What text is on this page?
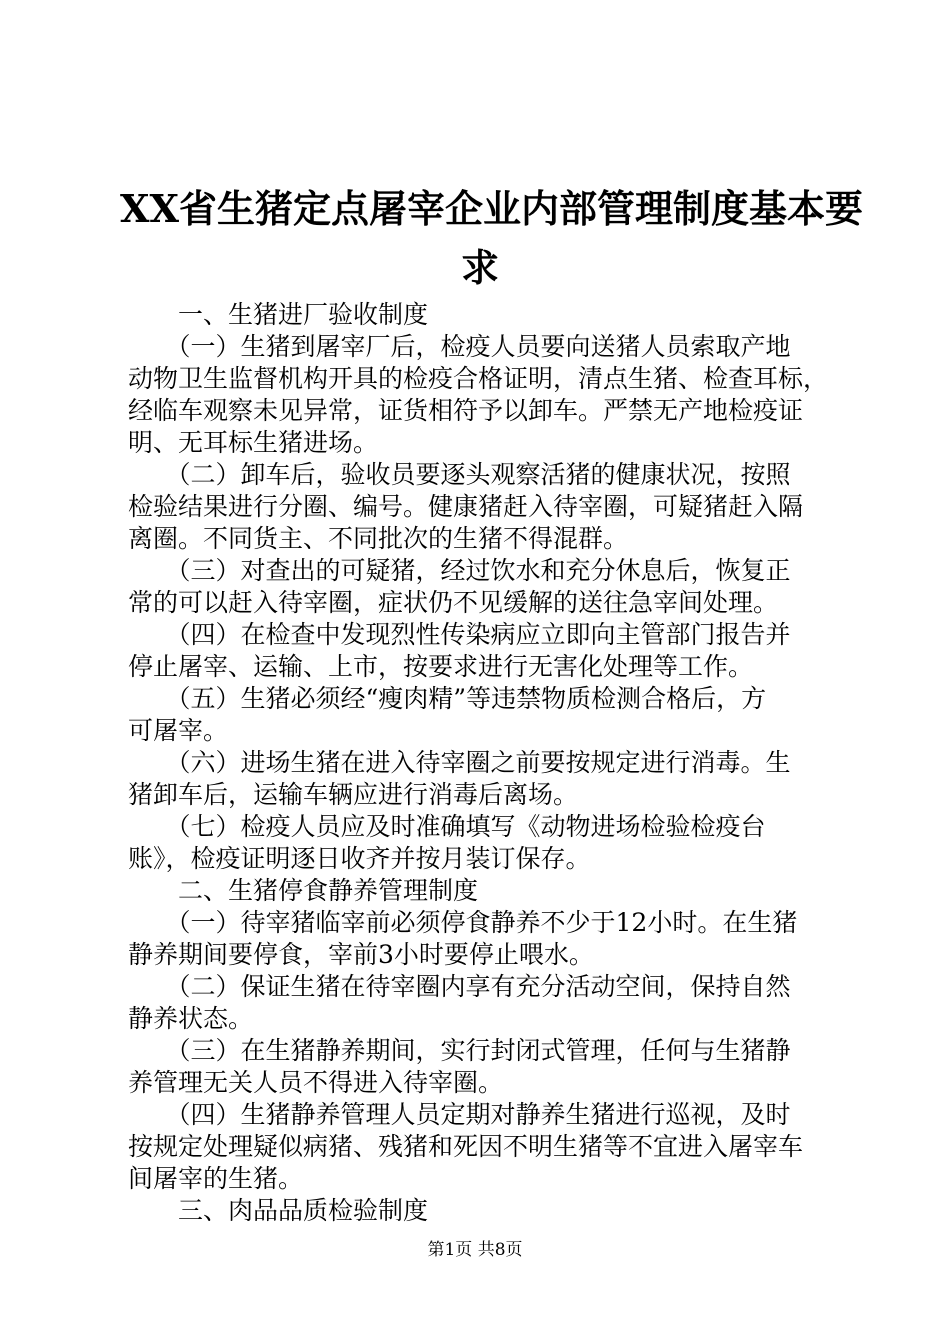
XX省生猪定点屠宰企业内部管理制度基本要
求
　　一、生猪进厂验收制度
　　（一）生猪到屠宰厂后，检疫人员要向送猪人员索取产地
动物卫生监督机构开具的检疫合格证明，清点生猪、检查耳标，
经临车观察未见异常，证货相符予以卸车。严禁无产地检疫证
明、无耳标生猪进场。
　　（二）卸车后，验收员要逐头观察活猪的健康状况，按照
检验结果进行分圈、编号。健康猪赶入待宰圈，可疑猪赶入隔
离圈。不同货主、不同批次的生猪不得混群。
　　（三）对查出的可疑猪，经过饮水和充分休息后，恢复正
常的可以赶入待宰圈，症状仍不见缓解的送往急宰间处理。
　　（四）在检查中发现烈性传染病应立即向主管部门报告并
停止屠宰、运输、上市，按要求进行无害化处理等工作。
　　（五）生猪必须经“瘦肉精”等违禁物质检测合格后，方
可屠宰。
　　（六）进场生猪在进入待宰圈之前要按规定进行消毒。生
猪卸车后，运输车辆应进行消毒后离场。
　　（七）检疫人员应及时准确填写《动物进场检验检疫台
账》，检疫证明逐日收齐并按月装订保存。
　　二、生猪停食静养管理制度
　　（一）待宰猪临宰前必须停食静养不少于12小时。在生猪
静养期间要停食，宰前3小时要停止喂水。
　　（二）保证生猪在待宰圈内享有充分活动空间，保持自然
静养状态。
　　（三）在生猪静养期间，实行封闭式管理，任何与生猪静
养管理无关人员不得进入待宰圈。
　　（四）生猪静养管理人员定期对静养生猪进行巡视，及时
按规定处理疑似病猪、残猪和死因不明生猪等不宜进入屠宰车
间屠宰的生猪。
　　三、肉品品质检验制度
第1页 共8页
